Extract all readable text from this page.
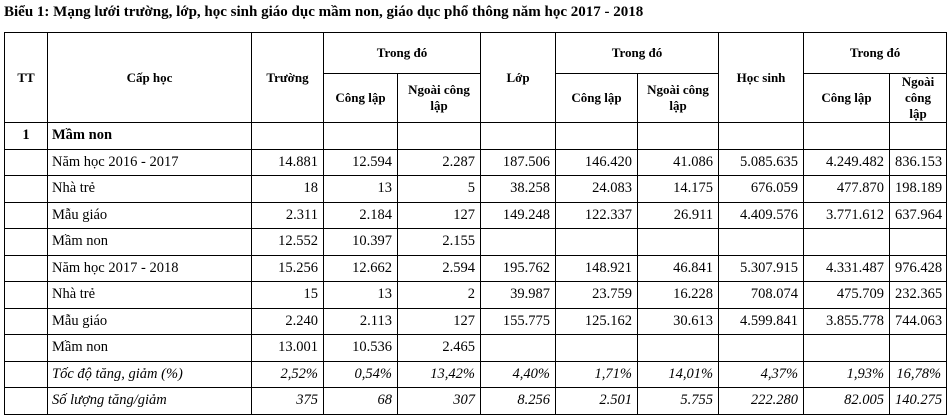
Biểu 1: Mạng lưới trường, lớp, học sinh giáo dục mầm non, giáo dục phổ thông năm học 2017 - 2018
TT	Cấp học	Trường	Trong đó		Lớp	Trong đó		Học sinh	Trong đó	
			Công lập	Ngoài công lập		Công lập	Ngoài công lập		Công lập	Ngoài công lập
1	Mầm non									
	Năm học 2016 - 2017	14.881	12.594	2.287	187.506	146.420	41.086	5.085.635	4.249.482	836.153
	Nhà trẻ	18	13	5	38.258	24.083	14.175	676.059	477.870	198.189
	Mẫu giáo	2.311	2.184	127	149.248	122.337	26.911	4.409.576	3.771.612	637.964
	Mầm non	12.552	10.397	2.155						
	Năm học 2017 - 2018	15.256	12.662	2.594	195.762	148.921	46.841	5.307.915	4.331.487	976.428
	Nhà trẻ	15	13	2	39.987	23.759	16.228	708.074	475.709	232.365
	Mẫu giáo	2.240	2.113	127	155.775	125.162	30.613	4.599.841	3.855.778	744.063
	Mầm non	13.001	10.536	2.465						
	Tốc độ tăng, giảm (%)	2,52%	0,54%	13,42%	4,40%	1,71%	14,01%	4,37%	1,93%	16,78%
	Số lượng tăng/giảm	375	68	307	8.256	2.501	5.755	222.280	82.005	140.275
